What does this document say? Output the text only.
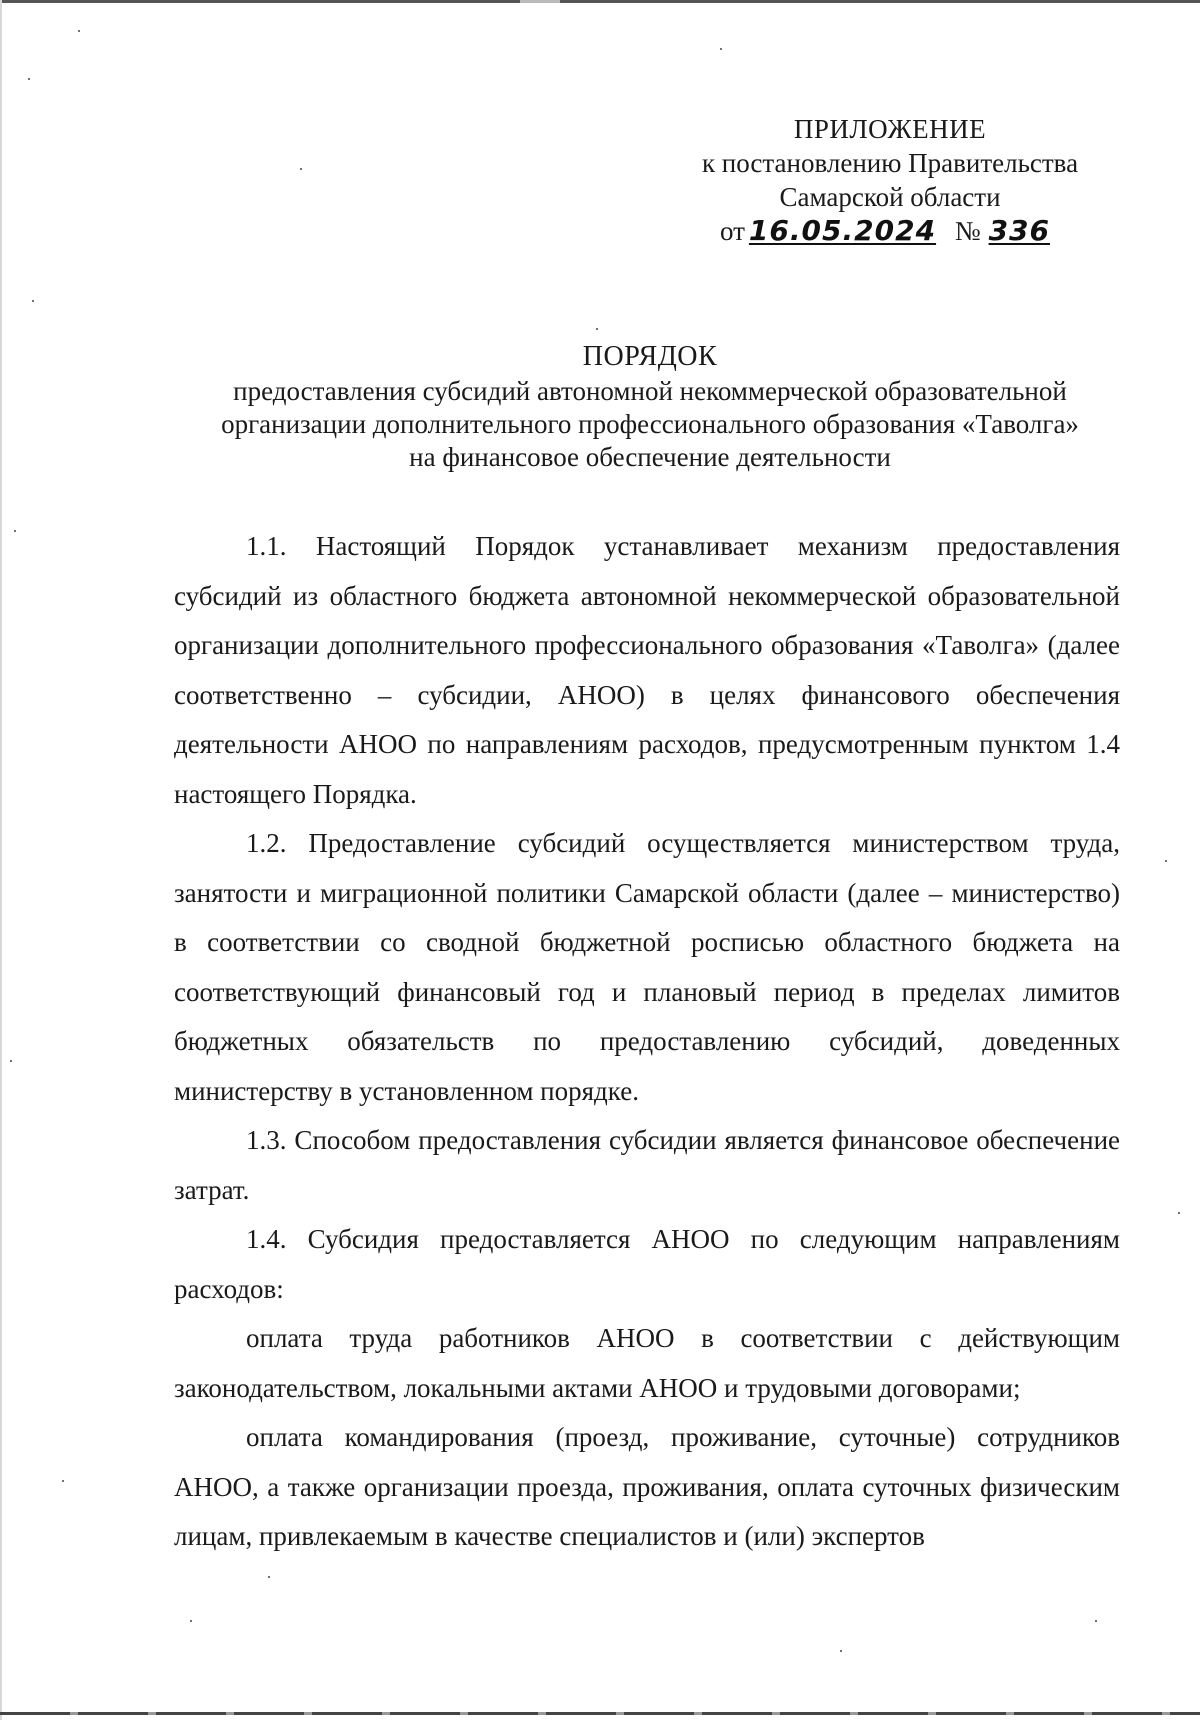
ПРИЛОЖЕНИЕ
к постановлению Правительства
Самарской области
от 16.05.2024 № 336
ПОРЯДОК
предоставления субсидий автономной некоммерческой образовательной
организации дополнительного профессионального образования «Таволга»
на финансовое обеспечение деятельности

1.1. Настоящий Порядок устанавливает механизм предоставления субсидий из областного бюджета автономной некоммерческой образовательной организации дополнительного профессионального образования «Таволга» (далее соответственно – субсидии, АНОО) в целях финансового обеспечения деятельности АНОО по направлениям расходов, предусмотренным пунктом 1.4 настоящего Порядка.

1.2. Предоставление субсидий осуществляется министерством труда, занятости и миграционной политики Самарской области (далее – министерство) в соответствии со сводной бюджетной росписью областного бюджета на соответствующий финансовый год и плановый период в пределах лимитов бюджетных обязательств по предоставлению субсидий, доведенных министерству в установленном порядке.

1.3. Способом предоставления субсидии является финансовое обеспечение затрат.

1.4. Субсидия предоставляется АНОО по следующим направлениям расходов:

оплата труда работников АНОО в соответствии с действующим законодательством, локальными актами АНОО и трудовыми договорами;

оплата командирования (проезд, проживание, суточные) сотрудников АНОО, а также организации проезда, проживания, оплата суточных физическим лицам, привлекаемым в качестве специалистов и (или) экспертов
